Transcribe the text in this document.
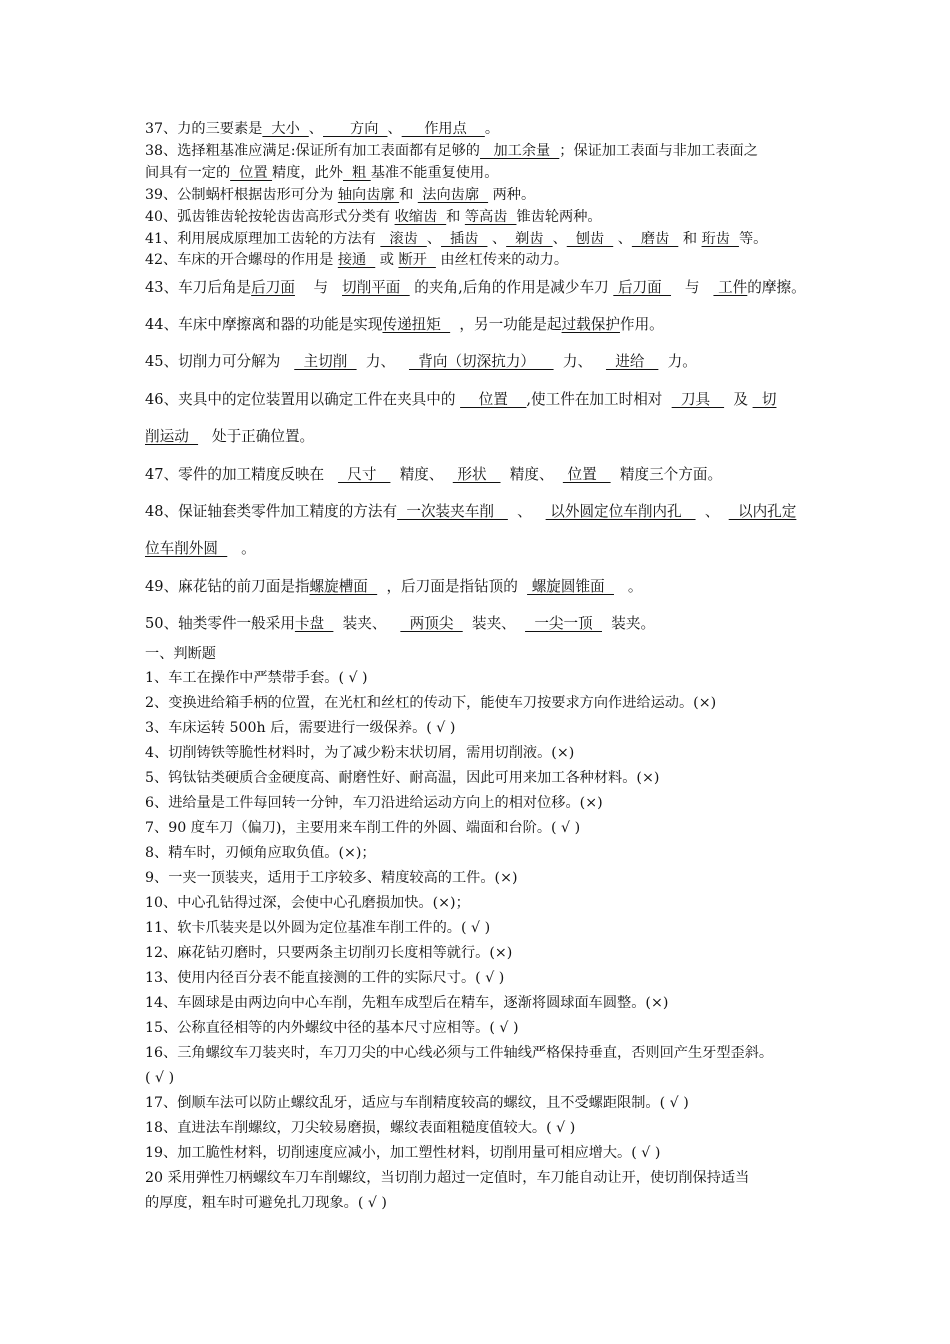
37、力的三要素是  大小  、      方向  、     作用点    。
38、选择粗基准应满足:保证所有加工表面都有足够的   加工余量  ；保证加工表面与非加工表面之
间具有一定的  位置 精度，此外  粗 基准不能重复使用。
39、公制蜗杆根据齿形可分为 轴向齿廓 和  法向齿廓   两种。
40、弧齿锥齿轮按轮齿齿高形式分类有 收缩齿  和 等高齿  锥齿轮两种。
41、利用展成原理加工齿轮的方法有   滚齿  、  插齿   、  剃齿  、  刨齿   、  磨齿   和 珩齿  等。
42、车床的开合螺母的作用是 接通   或 断开   由丝杠传来的动力。
43、车刀后角是后刀面    与   切削平面   的夹角,后角的作用是减少车刀  后刀面     与    工件的摩擦。
44、车床中摩擦离和器的功能是实现传递扭矩    ，另一功能是起过载保护作用。
45、切削力可分解为     主切削    力、     背向（切深抗力）      力、     进给     力。
46、夹具中的定位装置用以确定工件在夹具中的     位置    ,使工件在加工时相对    刀具     及   切
削运动     处于正确位置。
47、零件的加工精度反映在     尺寸     精度、   形状     精度、   位置     精度三个方面。
48、保证轴套类零件加工精度的方法有  一次装夹车削     、    以外圆定位车削内孔     、    以内孔定
位车削外圆     。
49、麻花钻的前刀面是指螺旋槽面    ，后刀面是指钻顶的   螺旋圆锥面     。
50、轴类零件一般采用卡盘    装夹、     两顶尖    装夹、    一尖一顶    装夹。
一、判断题
1、车工在操作中严禁带手套。( √ )
2、变换进给箱手柄的位置，在光杠和丝杠的传动下，能使车刀按要求方向作进给运动。(×)
3、车床运转 500h 后，需要进行一级保养。( √ )
4、切削铸铁等脆性材料时，为了减少粉末状切屑，需用切削液。(×)
5、钨钛钴类硬质合金硬度高、耐磨性好、耐高温，因此可用来加工各种材料。(×)
6、进给量是工件每回转一分钟，车刀沿进给运动方向上的相对位移。(×)
7、90 度车刀（偏刀)，主要用来车削工件的外圆、端面和台阶。( √ )
8、精车时，刃倾角应取负值。(×)；
9、一夹一顶装夹，适用于工序较多、精度较高的工件。(×)
10、中心孔钻得过深，会使中心孔磨损加快。(×)；
11、软卡爪装夹是以外圆为定位基准车削工件的。( √ )
12、麻花钻刃磨时，只要两条主切削刃长度相等就行。(×)
13、使用内径百分表不能直接测的工件的实际尺寸。( √ )
14、车圆球是由两边向中心车削，先粗车成型后在精车，逐渐将圆球面车圆整。(×)
15、公称直径相等的内外螺纹中径的基本尺寸应相等。( √ )
16、三角螺纹车刀装夹时，车刀刀尖的中心线必须与工件轴线严格保持垂直，否则回产生牙型歪斜。
( √ )
17、倒顺车法可以防止螺纹乱牙，适应与车削精度较高的螺纹，且不受螺距限制。( √ )
18、直进法车削螺纹，刀尖较易磨损，螺纹表面粗糙度值较大。( √ )
19、加工脆性材料，切削速度应减小，加工塑性材料，切削用量可相应增大。( √ )
20 采用弹性刀柄螺纹车刀车削螺纹，当切削力超过一定值时，车刀能自动让开，使切削保持适当
的厚度，粗车时可避免扎刀现象。( √ )
